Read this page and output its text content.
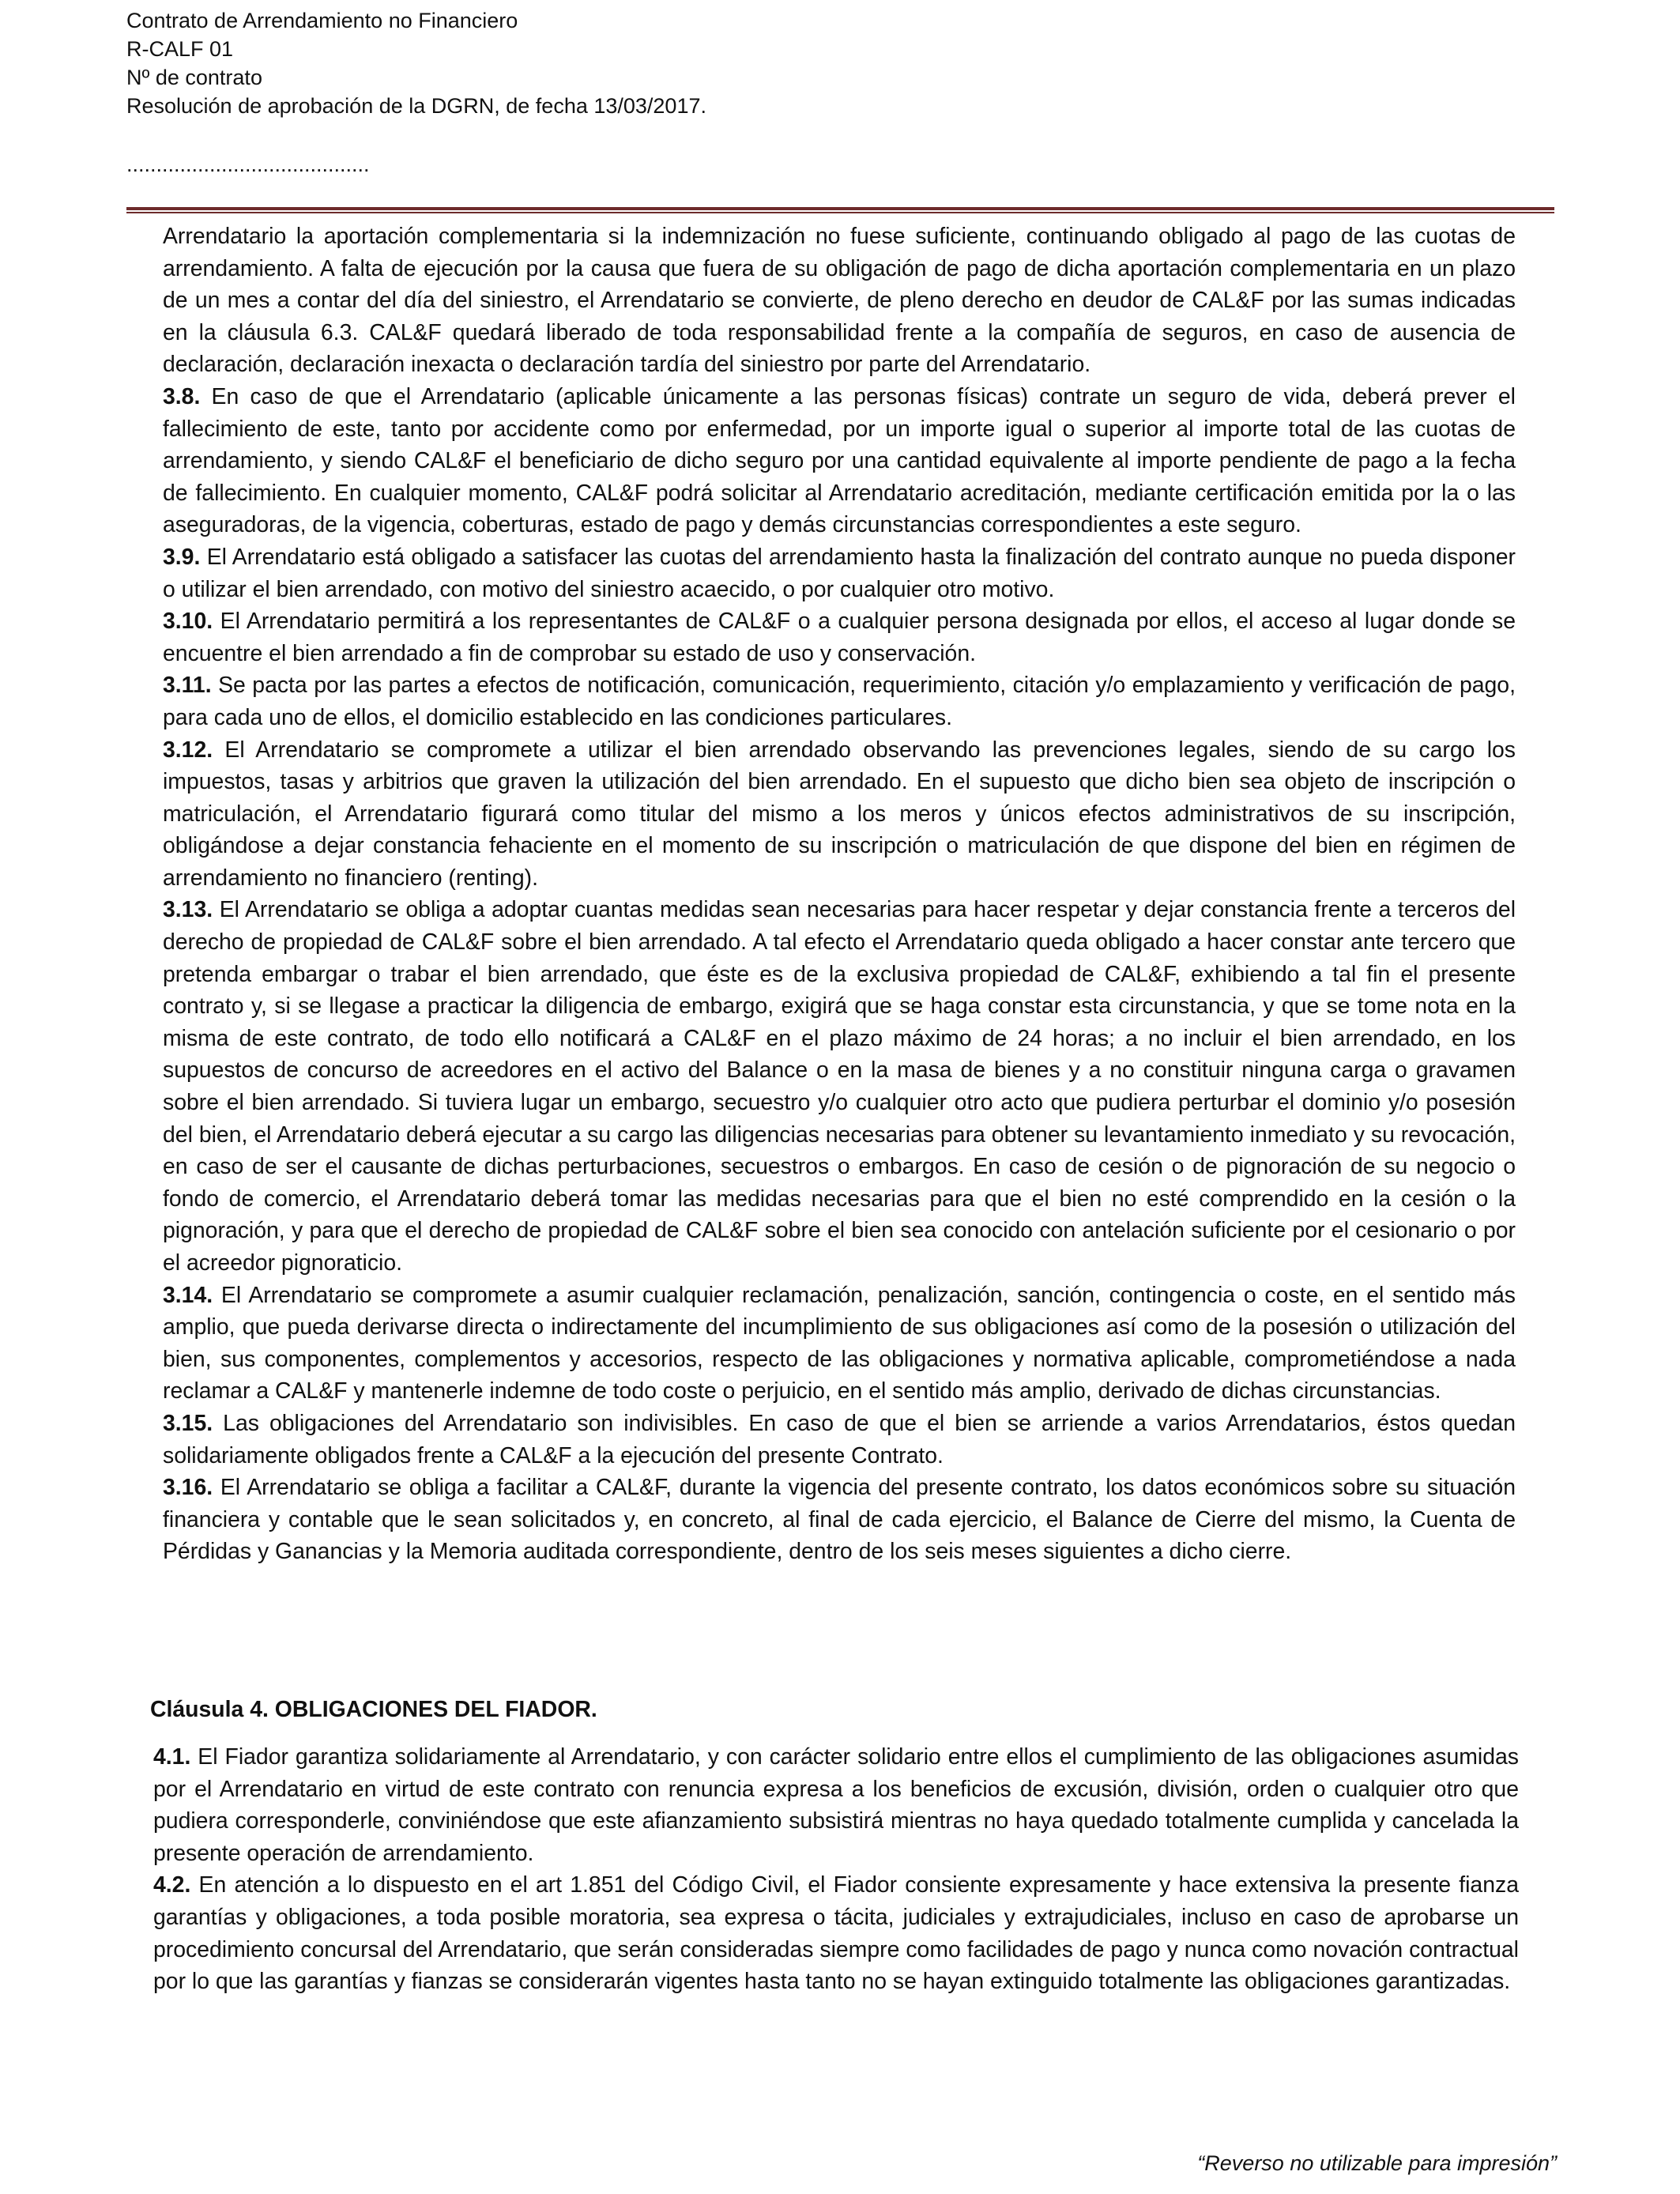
Contrato de Arrendamiento no Financiero
R-CALF 01
Nº de contrato
Resolución de aprobación de la DGRN, de fecha 13/03/2017.
.........................................

Arrendatario la aportación complementaria si la indemnización no fuese suficiente, continuando obligado al pago de las cuotas de arrendamiento. A falta de ejecución por la causa que fuera de su obligación de pago de dicha aportación complementaria en un plazo de un mes a contar del día del siniestro, el Arrendatario se convierte, de pleno derecho en deudor de CAL&F por las sumas indicadas en la cláusula 6.3. CAL&F quedará liberado de toda responsabilidad frente a la compañía de seguros, en caso de ausencia de declaración, declaración inexacta o declaración tardía del siniestro por parte del Arrendatario.

3.8. En caso de que el Arrendatario (aplicable únicamente a las personas físicas) contrate un seguro de vida, deberá prever el fallecimiento de este, tanto por accidente como por enfermedad, por un importe igual o superior al importe total de las cuotas de arrendamiento, y siendo CAL&F el beneficiario de dicho seguro por una cantidad equivalente al importe pendiente de pago a la fecha de fallecimiento. En cualquier momento, CAL&F podrá solicitar al Arrendatario acreditación, mediante certificación emitida por la o las aseguradoras, de la vigencia, coberturas, estado de pago y demás circunstancias correspondientes a este seguro.

3.9. El Arrendatario está obligado a satisfacer las cuotas del arrendamiento hasta la finalización del contrato aunque no pueda disponer o utilizar el bien arrendado, con motivo del siniestro acaecido, o por cualquier otro motivo.

3.10. El Arrendatario permitirá a los representantes de CAL&F o a cualquier persona designada por ellos, el acceso al lugar donde se encuentre el bien arrendado a fin de comprobar su estado de uso y conservación.

3.11. Se pacta por las partes a efectos de notificación, comunicación, requerimiento, citación y/o emplazamiento y verificación de pago, para cada uno de ellos, el domicilio establecido en las condiciones particulares.

3.12. El Arrendatario se compromete a utilizar el bien arrendado observando las prevenciones legales, siendo de su cargo los impuestos, tasas y arbitrios que graven la utilización del bien arrendado. En el supuesto que dicho bien sea objeto de inscripción o matriculación, el Arrendatario figurará como titular del mismo a los meros y únicos efectos administrativos de su inscripción, obligándose a dejar constancia fehaciente en el momento de su inscripción o matriculación de que dispone del bien en régimen de arrendamiento no financiero (renting).

3.13. El Arrendatario se obliga a adoptar cuantas medidas sean necesarias para hacer respetar y dejar constancia frente a terceros del derecho de propiedad de CAL&F sobre el bien arrendado. A tal efecto el Arrendatario queda obligado a hacer constar ante tercero que pretenda embargar o trabar el bien arrendado, que éste es de la exclusiva propiedad de CAL&F, exhibiendo a tal fin el presente contrato y, si se llegase a practicar la diligencia de embargo, exigirá que se haga constar esta circunstancia, y que se tome nota en la misma de este contrato, de todo ello notificará a CAL&F en el plazo máximo de 24 horas; a no incluir el bien arrendado, en los supuestos de concurso de acreedores en el activo del Balance o en la masa de bienes y a no constituir ninguna carga o gravamen sobre el bien arrendado. Si tuviera lugar un embargo, secuestro y/o cualquier otro acto que pudiera perturbar el dominio y/o posesión del bien, el Arrendatario deberá ejecutar a su cargo las diligencias necesarias para obtener su levantamiento inmediato y su revocación, en caso de ser el causante de dichas perturbaciones, secuestros o embargos. En caso de cesión o de pignoración de su negocio o fondo de comercio, el Arrendatario deberá tomar las medidas necesarias para que el bien no esté comprendido en la cesión o la pignoración, y para que el derecho de propiedad de CAL&F sobre el bien sea conocido con antelación suficiente por el cesionario o por el acreedor pignoraticio.

3.14. El Arrendatario se compromete a asumir cualquier reclamación, penalización, sanción, contingencia o coste, en el sentido más amplio, que pueda derivarse directa o indirectamente del incumplimiento de sus obligaciones así como de la posesión o utilización del bien, sus componentes, complementos y accesorios, respecto de las obligaciones y normativa aplicable, comprometiéndose a nada reclamar a CAL&F y mantenerle indemne de todo coste o perjuicio, en el sentido más amplio, derivado de dichas circunstancias.

3.15. Las obligaciones del Arrendatario son indivisibles. En caso de que el bien se arriende a varios Arrendatarios, éstos quedan solidariamente obligados frente a CAL&F a la ejecución del presente Contrato.

3.16. El Arrendatario se obliga a facilitar a CAL&F, durante la vigencia del presente contrato, los datos económicos sobre su situación financiera y contable que le sean solicitados y, en concreto, al final de cada ejercicio, el Balance de Cierre del mismo, la Cuenta de Pérdidas y Ganancias y la Memoria auditada correspondiente, dentro de los seis meses siguientes a dicho cierre.

Cláusula 4. OBLIGACIONES DEL FIADOR.

4.1. El Fiador garantiza solidariamente al Arrendatario, y con carácter solidario entre ellos el cumplimiento de las obligaciones asumidas por el Arrendatario en virtud de este contrato con renuncia expresa a los beneficios de excusión, división, orden o cualquier otro que pudiera corresponderle, conviniéndose que este afianzamiento subsistirá mientras no haya quedado totalmente cumplida y cancelada la presente operación de arrendamiento.

4.2. En atención a lo dispuesto en el art 1.851 del Código Civil, el Fiador consiente expresamente y hace extensiva la presente fianza garantías y obligaciones, a toda posible moratoria, sea expresa o tácita, judiciales y extrajudiciales, incluso en caso de aprobarse un procedimiento concursal del Arrendatario, que serán consideradas siempre como facilidades de pago y nunca como novación contractual por lo que las garantías y fianzas se considerarán vigentes hasta tanto no se hayan extinguido totalmente las obligaciones garantizadas.

“Reverso no utilizable para impresión”
